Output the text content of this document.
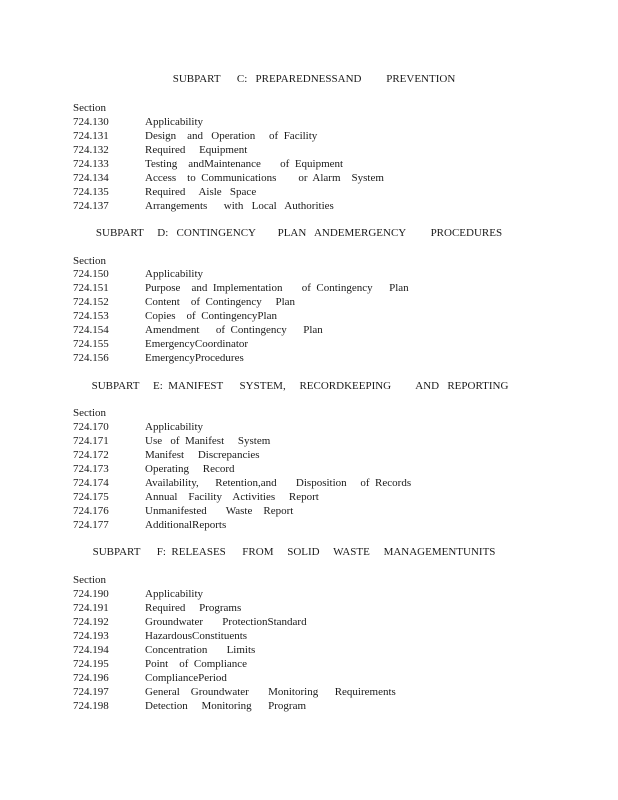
SUBPART      C:   PREPAREDNESSAND         PREVENTION
Section
724.130	Applicability
724.131	Design    and   Operation     of  Facility
724.132	Required     Equipment
724.133	Testing    andMaintenance       of  Equipment
724.134	Access    to  Communications        or  Alarm    System
724.135	Required     Aisle   Space
724.137	Arrangements      with   Local   Authorities
SUBPART     D:   CONTINGENCY        PLAN   ANDEMERGENCY         PROCEDURES
Section
724.150	Applicability
724.151	Purpose    and  Implementation       of  Contingency      Plan
724.152	Content    of  Contingency     Plan
724.153	Copies    of  ContingencyPlan
724.154	Amendment      of  Contingency      Plan
724.155	EmergencyCoordinator
724.156	EmergencyProcedures
SUBPART     E:  MANIFEST      SYSTEM,     RECORDKEEPING         AND   REPORTING
Section
724.170	Applicability
724.171	Use   of  Manifest     System
724.172	Manifest     Discrepancies
724.173	Operating     Record
724.174	Availability,      Retention,and       Disposition     of  Records
724.175	Annual    Facility    Activities     Report
724.176	Unmanifested       Waste    Report
724.177	AdditionalReports
SUBPART      F:  RELEASES      FROM     SOLID     WASTE     MANAGEMENTUNITS
Section
724.190	Applicability
724.191	Required     Programs
724.192	Groundwater       ProtectionStandard
724.193	HazardousConstituents
724.194	Concentration       Limits
724.195	Point    of  Compliance
724.196	CompliancePeriod
724.197	General    Groundwater       Monitoring      Requirements
724.198	Detection     Monitoring      Program
